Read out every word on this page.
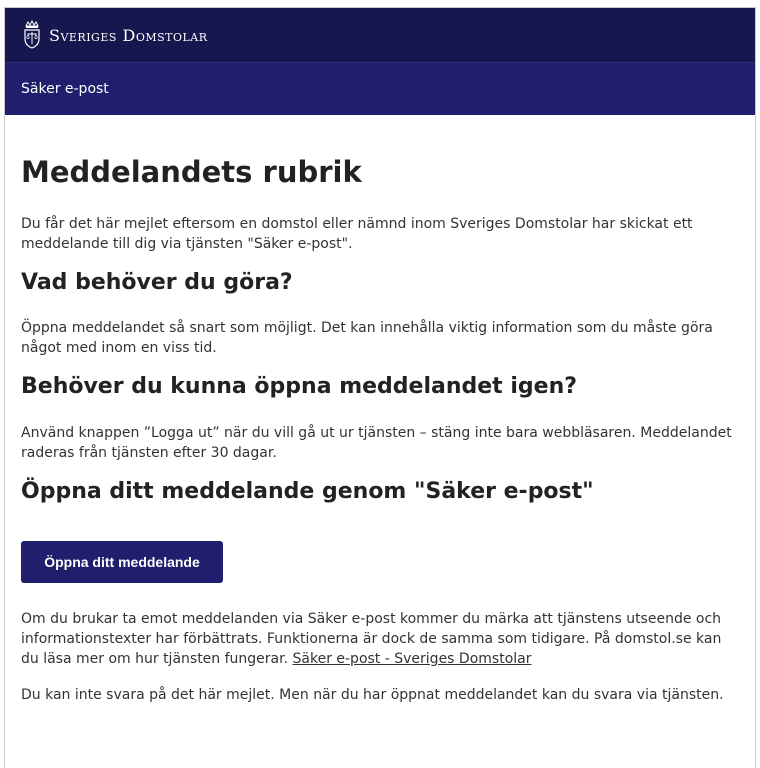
Sveriges Domstolar
Säker e-post
Meddelandets rubrik

Du får det här mejlet eftersom en domstol eller nämnd inom Sveriges Domstolar har skickat ett meddelande till dig via tjänsten "Säker e-post".

Vad behöver du göra?

Öppna meddelandet så snart som möjligt. Det kan innehålla viktig information som du måste göra något med inom en viss tid.

Behöver du kunna öppna meddelandet igen?

Använd knappen ”Logga ut” när du vill gå ut ur tjänsten – stäng inte bara webbläsaren. Meddelandet raderas från tjänsten efter 30 dagar.

Öppna ditt meddelande genom "Säker e-post"
Öppna ditt meddelande

Om du brukar ta emot meddelanden via Säker e-post kommer du märka att tjänstens utseende och informationstexter har förbättrats. Funktionerna är dock de samma som tidigare. På domstol.se kan du läsa mer om hur tjänsten fungerar. Säker e-post - Sveriges Domstolar

Du kan inte svara på det här mejlet. Men när du har öppnat meddelandet kan du svara via tjänsten.
